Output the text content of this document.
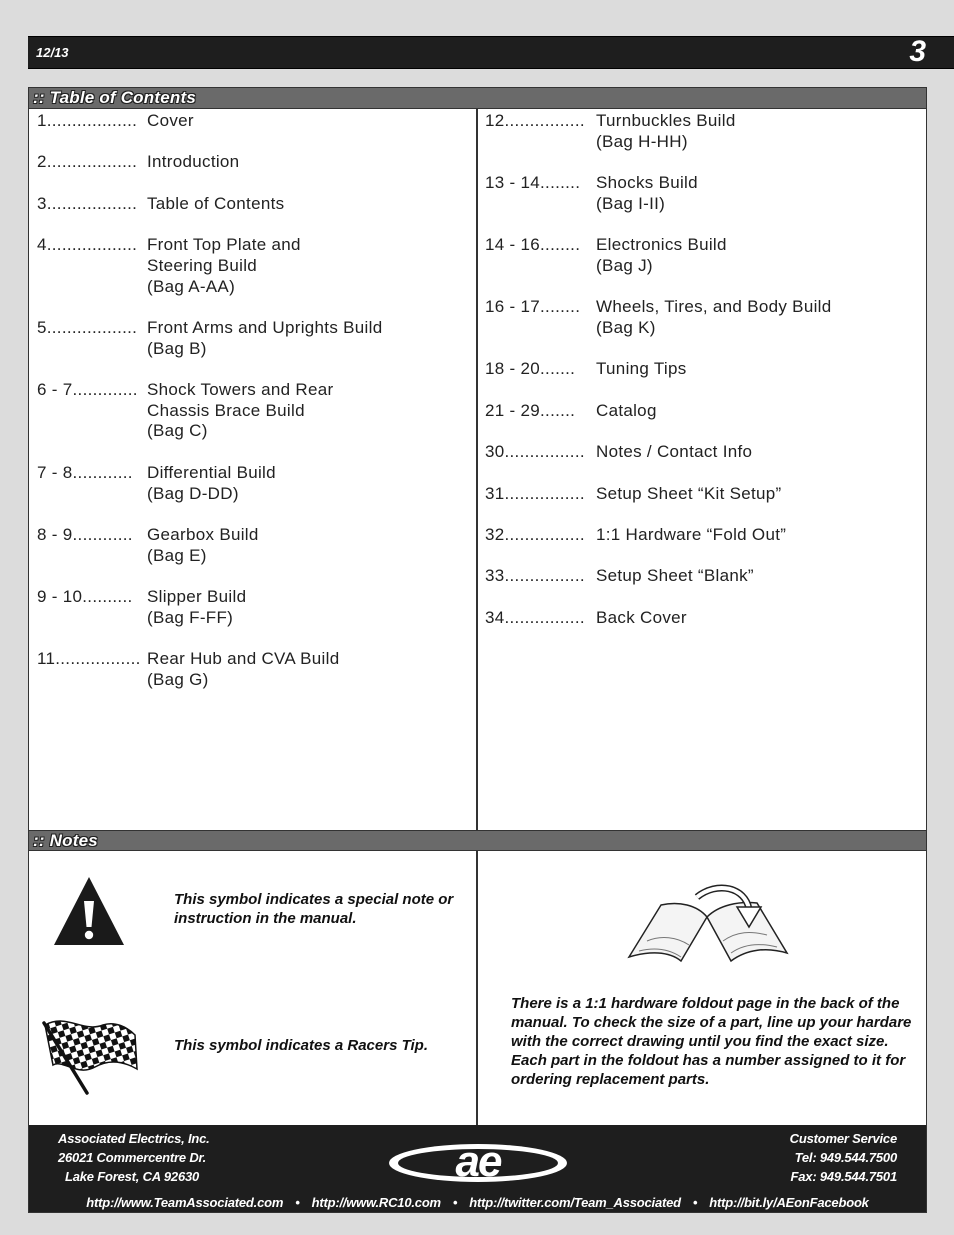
12/13	3
:: Table of Contents
1.................. Cover
2.................. Introduction
3.................. Table of Contents
4.................. Front Top Plate and
Steering Build
(Bag A-AA)
5.................. Front Arms and Uprights Build
(Bag B)
6 - 7............. Shock Towers and Rear
Chassis Brace Build
(Bag C)
7 - 8............ Differential Build
(Bag D-DD)
8 - 9............ Gearbox Build
(Bag E)
9 - 10.......... Slipper Build
(Bag F-FF)
11................. Rear Hub and CVA Build
(Bag G)
12................ Turnbuckles Build
(Bag H-HH)
13 - 14........ Shocks Build
(Bag I-II)
14 - 16........ Electronics Build
(Bag J)
16 - 17........ Wheels, Tires, and Body Build
(Bag K)
18 - 20.......	Tuning Tips
21 - 29.......	Catalog
30................ Notes / Contact Info
31................ Setup Sheet “Kit Setup”
32................ 1:1 Hardware “Fold Out”
33................ Setup Sheet “Blank”
34................ Back Cover
:: Notes
This symbol indicates a special note or instruction in the manual.
This symbol indicates a Racers Tip.
There is a 1:1 hardware foldout page in the back of the manual. To check the size of a part, line up your hardare with the correct drawing until you find the exact size. Each part in the foldout has a number assigned to it for ordering replacement parts.
Associated Electrics, Inc.
26021 Commercentre Dr.
Lake Forest, CA 92630	ae	Customer Service
Tel: 949.544.7500
Fax: 949.544.7501
http://www.TeamAssociated.com • http://www.RC10.com • http://twitter.com/Team_Associated • http://bit.ly/AEonFacebook
